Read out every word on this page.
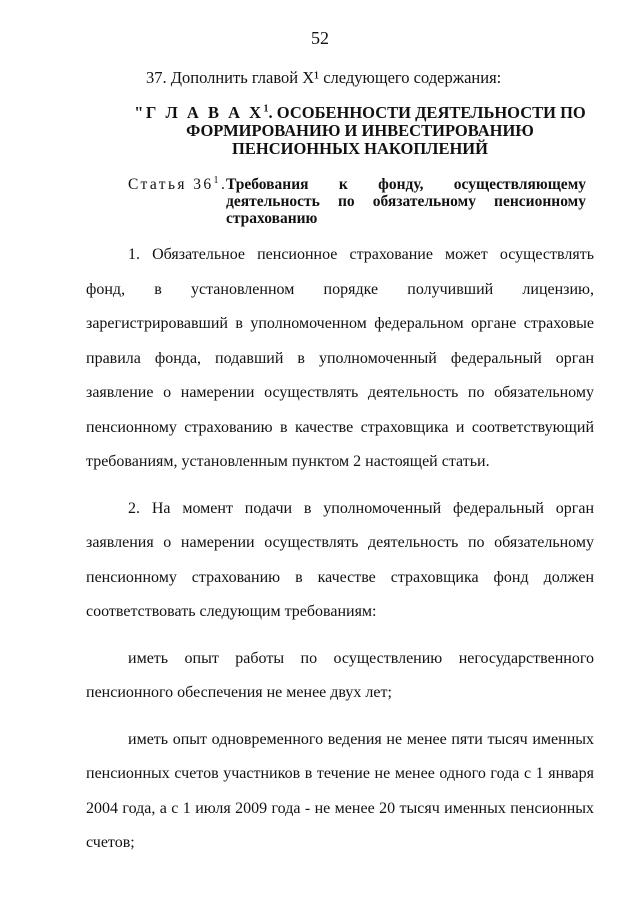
52
37. Дополнить главой X¹ следующего содержания:
"Г Л А В А $X^1$. ОСОБЕННОСТИ ДЕЯТЕЛЬНОСТИ ПО
ФОРМИРОВАНИЮ И ИНВЕСТИРОВАНИЮ
ПЕНСИОННЫХ НАКОПЛЕНИЙ
Статья $36^1$.
Требования к фонду, осуществляющему деятельность по обязательному пенсионному страхованию

1. Обязательное пенсионное страхование может осуществлять фонд, в установленном порядке получивший лицензию, зарегистрировавший в уполномоченном федеральном органе страховые правила фонда, подавший в уполномоченный федеральный орган заявление о намерении осуществлять деятельность по обязательному пенсионному страхованию в качестве страховщика и соответствующий требованиям, установленным пунктом 2 настоящей статьи.

2. На момент подачи в уполномоченный федеральный орган заявления о намерении осуществлять деятельность по обязательному пенсионному страхованию в качестве страховщика фонд должен соответствовать следующим требованиям:

иметь опыт работы по осуществлению негосударственного пенсионного обеспечения не менее двух лет;

иметь опыт одновременного ведения не менее пяти тысяч именных пенсионных счетов участников в течение не менее одного года с 1 января 2004 года, а с 1 июля 2009 года - не менее 20 тысяч именных пенсионных счетов;
